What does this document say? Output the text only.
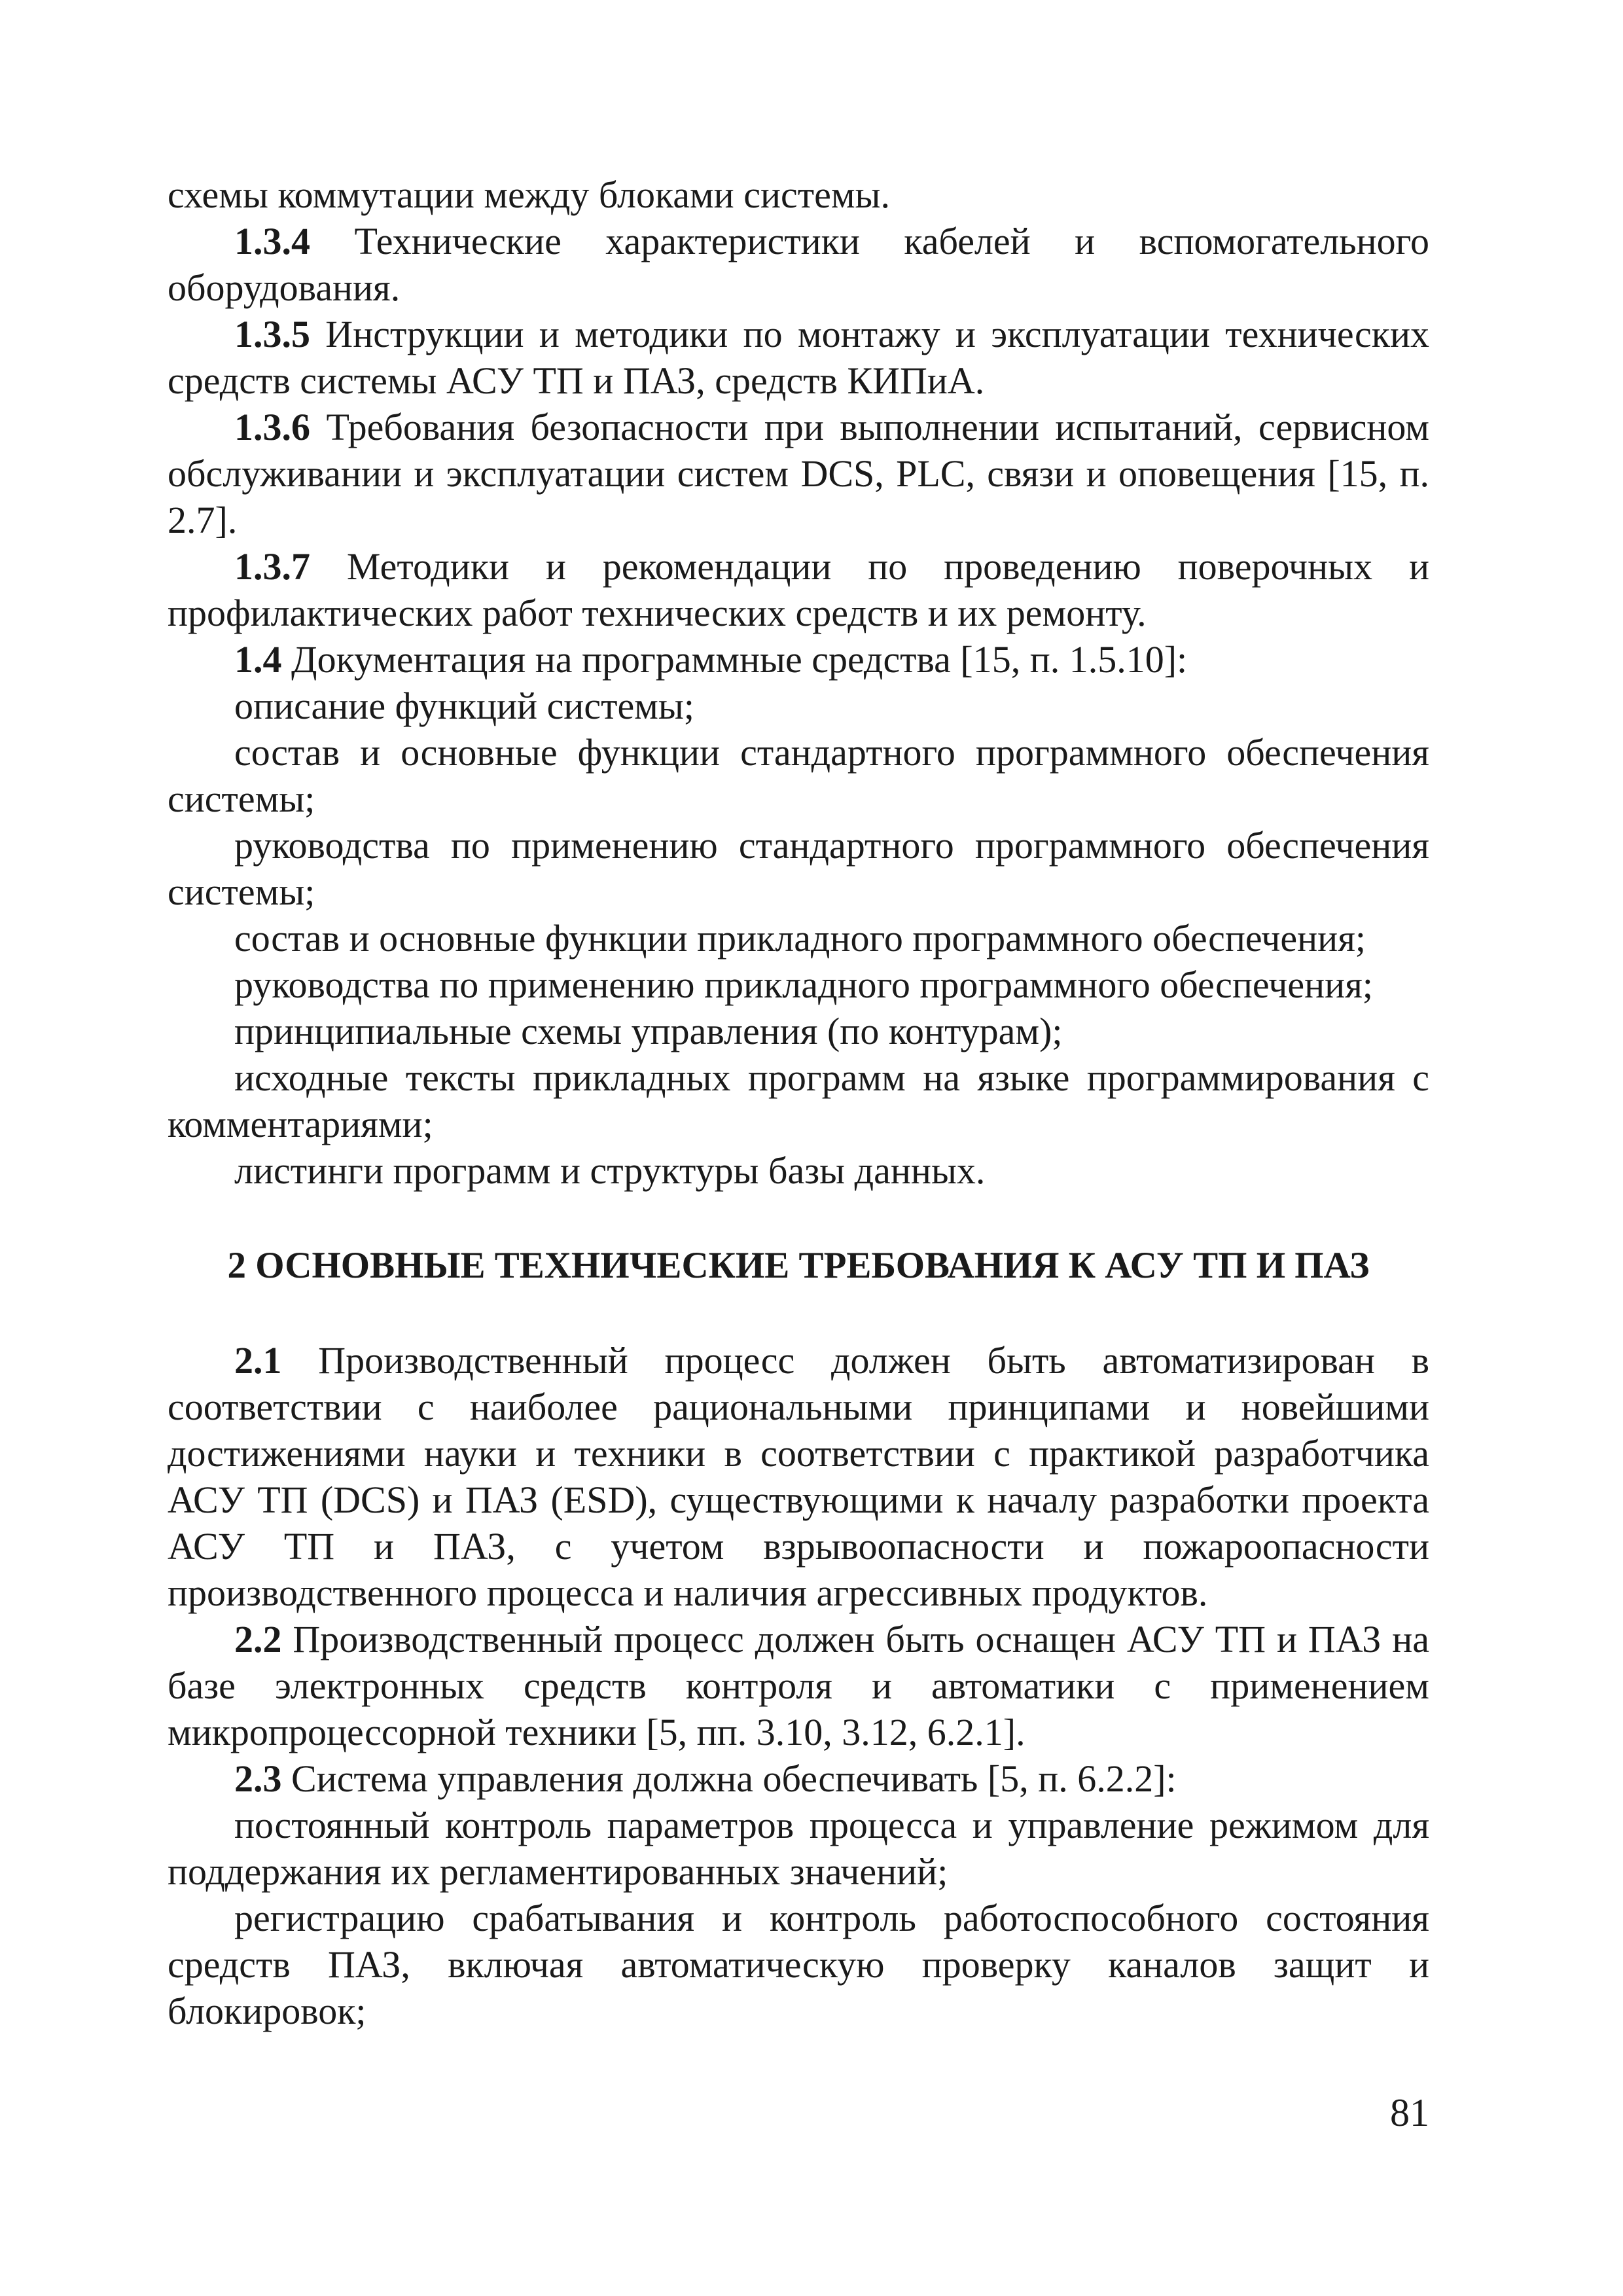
схемы коммутации между блоками системы.

1.3.4 Технические характеристики кабелей и вспомогательного оборудования.

1.3.5 Инструкции и методики по монтажу и эксплуатации технических средств системы АСУ ТП и ПАЗ, средств КИПиА.

1.3.6 Требования безопасности при выполнении испытаний, сервисном обслуживании и эксплуатации систем DCS, PLC, связи и оповещения [15, п. 2.7].

1.3.7 Методики и рекомендации по проведению поверочных и профилактических работ технических средств и их ремонту.

1.4 Документация на программные средства [15, п. 1.5.10]:

описание функций системы;

состав и основные функции стандартного программного обеспечения системы;

руководства по применению стандартного программного обеспечения системы;

состав и основные функции прикладного программного обеспечения;

руководства по применению прикладного программного обеспечения;

принципиальные схемы управления (по контурам);

исходные тексты прикладных программ на языке программирования с комментариями;

листинги программ и структуры базы данных.

2 ОСНОВНЫЕ ТЕХНИЧЕСКИЕ ТРЕБОВАНИЯ К АСУ ТП И ПАЗ

2.1 Производственный процесс должен быть автоматизирован в соответствии с наиболее рациональными принципами и новейшими достижениями науки и техники в соответствии с практикой разработчика АСУ ТП (DCS) и ПАЗ (ESD), существующими к началу разработки проекта АСУ ТП и ПАЗ, с учетом взрывоопасности и пожароопасности производственного процесса и наличия агрессивных продуктов.

2.2 Производственный процесс должен быть оснащен АСУ ТП и ПАЗ на базе электронных средств контроля и автоматики с применением микропроцессорной техники [5, пп. 3.10, 3.12, 6.2.1].

2.3 Система управления должна обеспечивать [5, п. 6.2.2]:

постоянный контроль параметров процесса и управление режимом для поддержания их регламентированных значений;

регистрацию срабатывания и контроль работоспособного состояния средств ПАЗ, включая автоматическую проверку каналов защит и блокировок;

81
